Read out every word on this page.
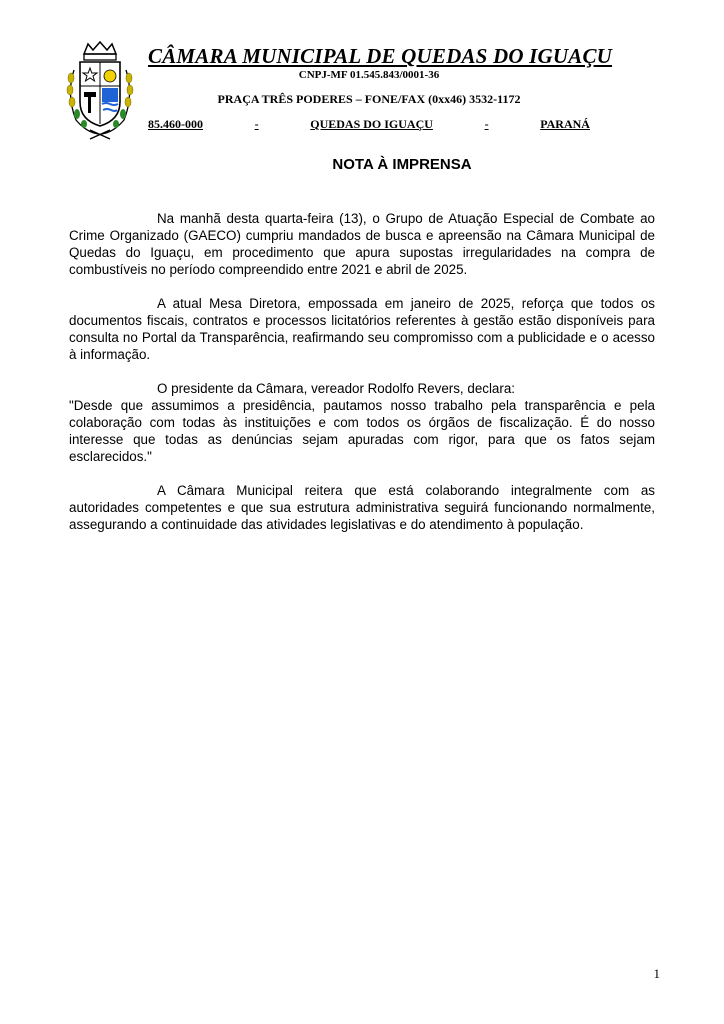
CÂMARA MUNICIPAL DE QUEDAS DO IGUAÇU
CNPJ-MF 01.545.843/0001-36
PRAÇA TRÊS PODERES – FONE/FAX (0xx46) 3532-1172
85.460-000	-	QUEDAS DO IGUAÇU	-	PARANÁ
NOTA À IMPRENSA

Na manhã desta quarta-feira (13), o Grupo de Atuação Especial de Combate ao Crime Organizado (GAECO) cumpriu mandados de busca e apreensão na Câmara Municipal de Quedas do Iguaçu, em procedimento que apura supostas irregularidades na compra de combustíveis no período compreendido entre 2021 e abril de 2025.

A atual Mesa Diretora, empossada em janeiro de 2025, reforça que todos os documentos fiscais, contratos e processos licitatórios referentes à gestão estão disponíveis para consulta no Portal da Transparência, reafirmando seu compromisso com a publicidade e o acesso à informação.

O presidente da Câmara, vereador Rodolfo Revers, declara:

"Desde que assumimos a presidência, pautamos nosso trabalho pela transparência e pela colaboração com todas às instituições e com todos os órgãos de fiscalização. É do nosso interesse que todas as denúncias sejam apuradas com rigor, para que os fatos sejam esclarecidos."

A Câmara Municipal reitera que está colaborando integralmente com as autoridades competentes e que sua estrutura administrativa seguirá funcionando normalmente, assegurando a continuidade das atividades legislativas e do atendimento à população.

1
